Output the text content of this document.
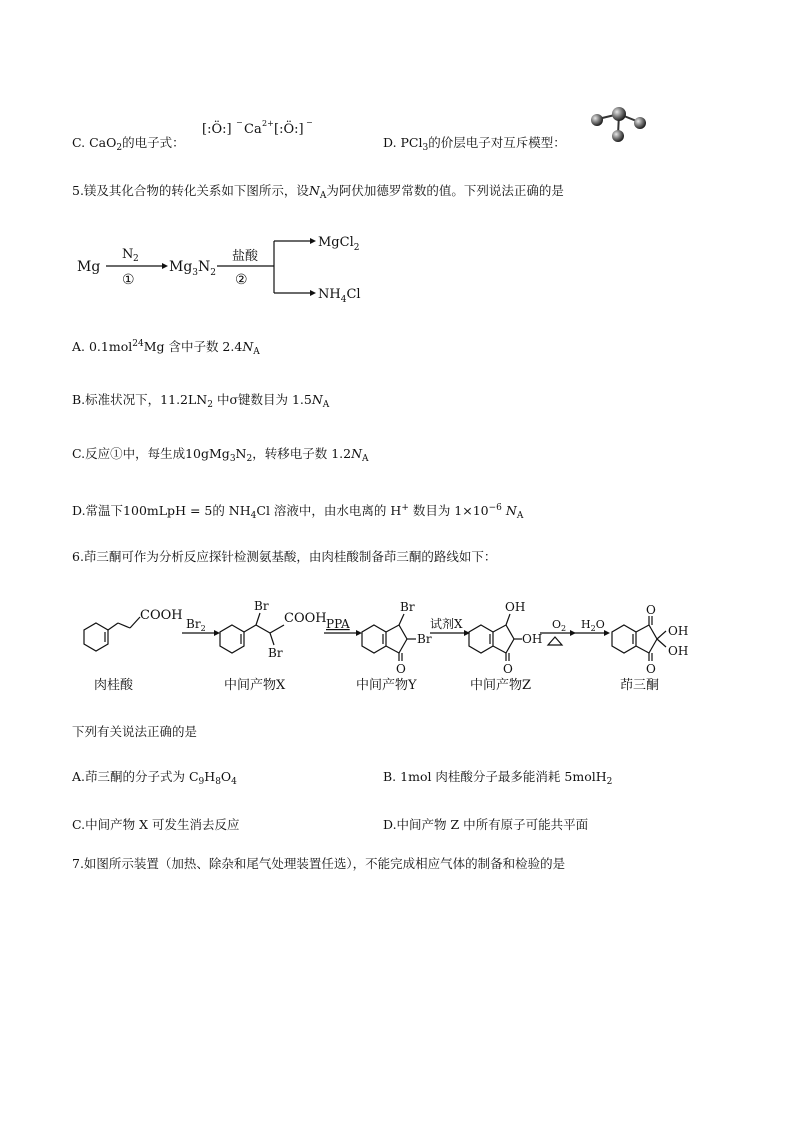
C. CaO$_2$的电子式：
[:Ö:] − Ca 2+ [:Ö:] −
D. PCl$_3$的价层电子对互斥模型：
5.镁及其化合物的转化关系如下图所示，设$N_A$为阿伏加德罗常数的值。下列说法正确的是
Mg
N 2
①
$Mg_3N_2$
盐酸
②
MgCl$_2$
$NH_4Cl$
A. 0.1mol$^{24}$Mg 含中子数 $2.4N_A$
B.标准状况下，$11.2LN_2$ 中σ键数目为 $1.5N_A$
C.反应①中，每生成$10gMg_3N_2$，转移电子数 $1.2N_A$
D.常温下100mLpH = 5的 $NH_4Cl$ 溶液中，由水电离的 H+ 数目为 $1\times 10^{-6}$ $N_A$
6.茚三酮可作为分析反应探针检测氨基酸，由肉桂酸制备茚三酮的路线如下：
COOH
$Br_2$
Br
Br
COOH PPA
Br
Br
O
试剂X
OH
OH
O
$O_2$ $H_2O$
O
O
OH
OH
肉桂酸	中间产物X	中间产物Y	中间产物Z	茚三酮
下列有关说法正确的是
A.茚三酮的分子式为 $C_9H_8O_4$	B. 1mol 肉桂酸分子最多能消耗 5molH$_2$
C.中间产物 X 可发生消去反应	D.中间产物 Z 中所有原子可能共平面
7.如图所示装置（加热、除杂和尾气处理装置任选），不能完成相应气体的制备和检验的是
